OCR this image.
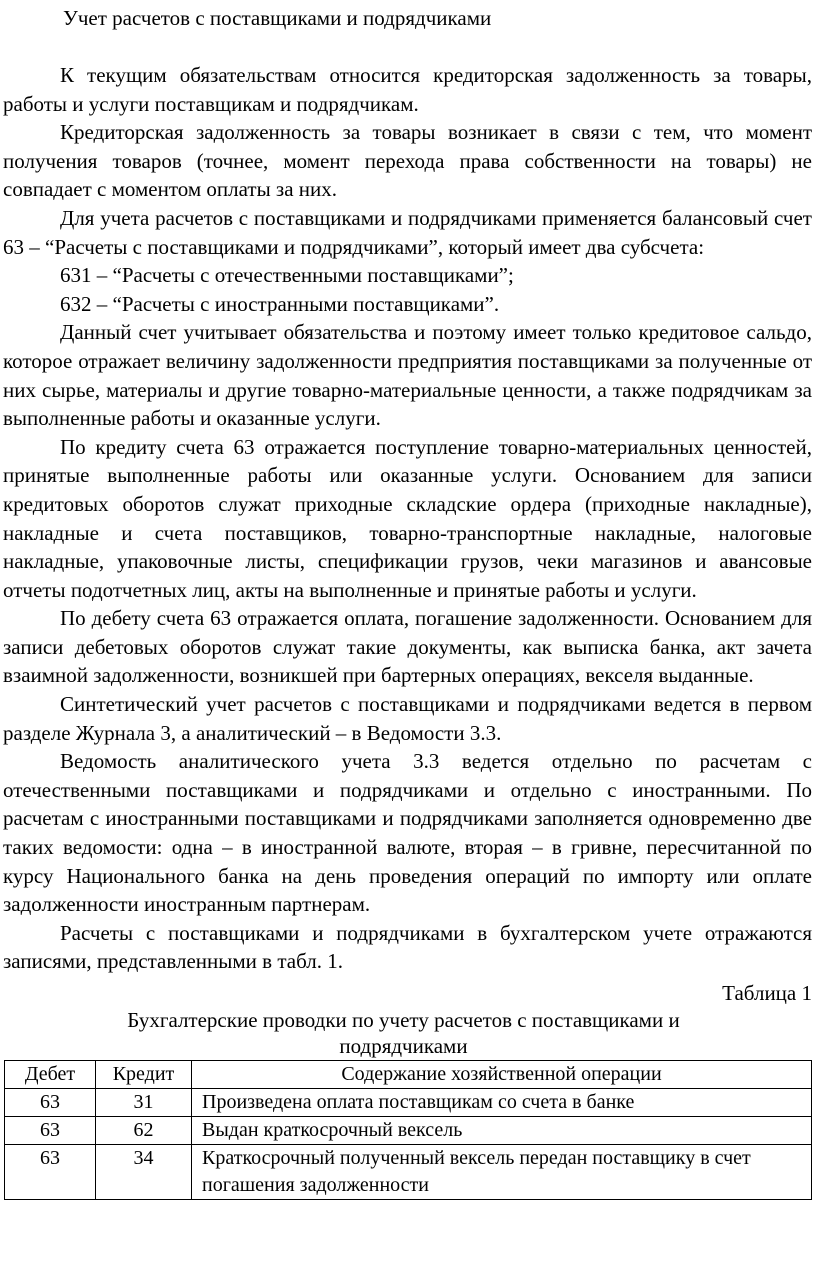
Учет расчетов с поставщиками и подрядчиками

К текущим обязательствам относится кредиторская задолженность за товары, работы и услуги поставщикам и подрядчикам.

Кредиторская задолженность за товары возникает в связи с тем, что момент получения товаров (точнее, момент перехода права собственности на товары) не совпадает с моментом оплаты за них.

Для учета расчетов с поставщиками и подрядчиками применяется балансовый счет 63 – “Расчеты с поставщиками и подрядчиками”, который имеет два субсчета:

631 – “Расчеты с отечественными поставщиками”;

632 – “Расчеты с иностранными поставщиками”.

Данный счет учитывает обязательства и поэтому имеет только кредитовое сальдо, которое отражает величину задолженности предприятия поставщиками за полученные от них сырье, материалы и другие товарно-материальные ценности, а также подрядчикам за выполненные работы и оказанные услуги.

По кредиту счета 63 отражается поступление товарно-материальных ценностей, принятые выполненные работы или оказанные услуги. Основанием для записи кредитовых оборотов служат приходные складские ордера (приходные накладные), накладные и счета поставщиков, товарно-транспортные накладные, налоговые накладные, упаковочные листы, спецификации грузов, чеки магазинов и авансовые отчеты подотчетных лиц, акты на выполненные и принятые работы и услуги.

По дебету счета 63 отражается оплата, погашение задолженности. Основанием для записи дебетовых оборотов служат такие документы, как выписка банка, акт зачета взаимной задолженности, возникшей при бартерных операциях, векселя выданные.

Синтетический учет расчетов с поставщиками и подрядчиками ведется в первом разделе Журнала 3, а аналитический – в Ведомости 3.3.

Ведомость аналитического учета 3.3 ведется отдельно по расчетам с отечественными поставщиками и подрядчиками и отдельно с иностранными. По расчетам с иностранными поставщиками и подрядчиками заполняется одновременно две таких ведомости: одна – в иностранной валюте, вторая – в гривне, пересчитанной по курсу Национального банка на день проведения операций по импорту или оплате задолженности иностранным партнерам.

Расчеты с поставщиками и подрядчиками в бухгалтерском учете отражаются записями, представленными в табл. 1.

Таблица 1
Бухгалтерские проводки по учету расчетов с поставщиками и подрядчиками
Дебет	Кредит	Содержание хозяйственной операции
63	31	Произведена оплата поставщикам со счета в банке
63	62	Выдан краткосрочный вексель
63	34	Краткосрочный полученный вексель передан поставщику в счет погашения задолженности
